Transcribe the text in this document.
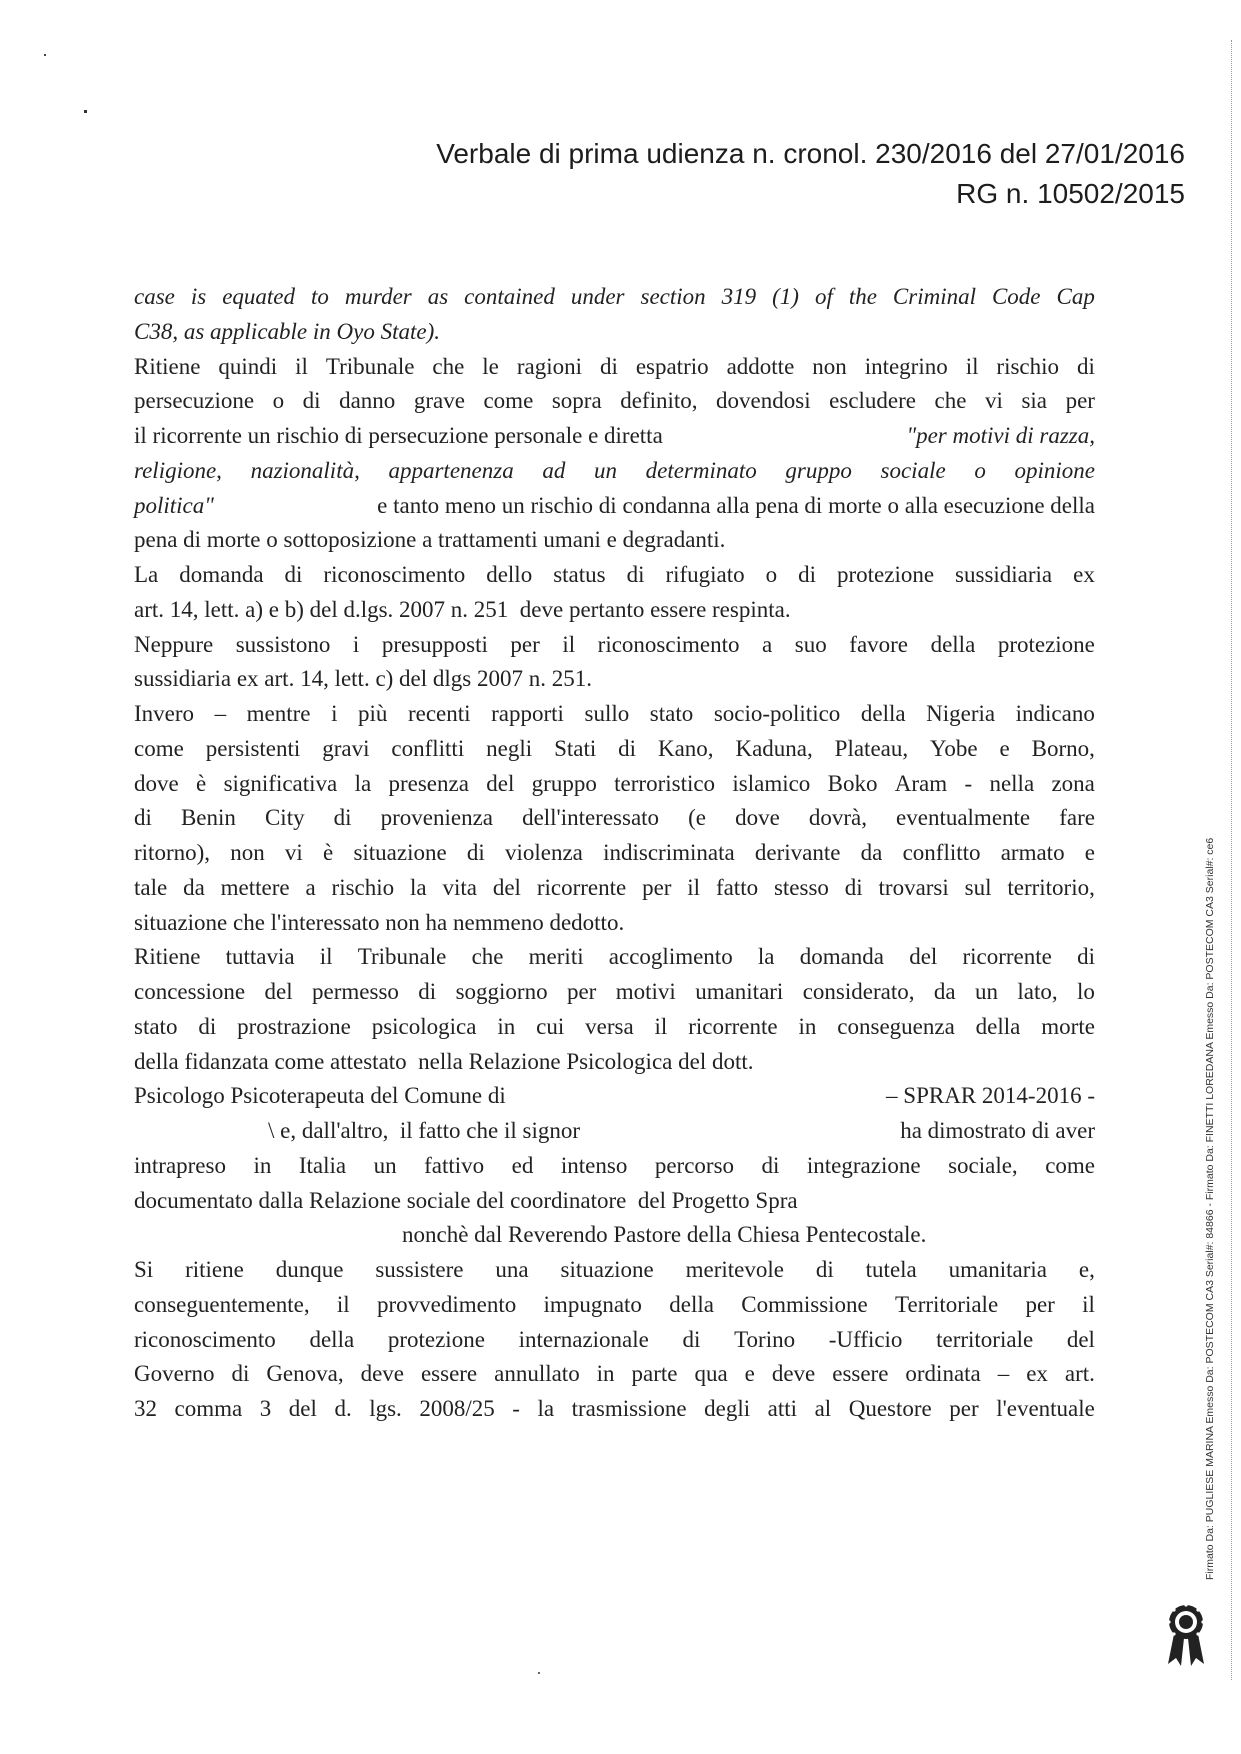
Verbale di prima udienza n. cronol. 230/2016 del 27/01/2016
RG n. 10502/2015
case is equated to murder as contained under section 319 (1) of the Criminal Code Cap
C38, as applicable in Oyo State).
Ritiene quindi il Tribunale che le ragioni di espatrio addotte non integrino il rischio di
persecuzione o di danno grave come sopra definito, dovendosi escludere che vi sia per
il ricorrente un rischio di persecuzione personale e diretta	"per motivi di razza,
religione, nazionalità, appartenenza ad un determinato gruppo sociale o opinione
politica"	e tanto meno un rischio di condanna alla pena di morte o alla esecuzione della
pena di morte o sottoposizione a trattamenti umani e degradanti.
La domanda di riconoscimento dello status di rifugiato o di protezione sussidiaria ex
art. 14, lett. a) e b) del d.lgs. 2007 n. 251  deve pertanto essere respinta.
Neppure sussistono i presupposti per il riconoscimento a suo favore della protezione
sussidiaria ex art. 14, lett. c) del dlgs 2007 n. 251.
Invero – mentre i più recenti rapporti sullo stato socio-politico della Nigeria indicano
come persistenti gravi conflitti negli Stati di Kano, Kaduna, Plateau, Yobe e Borno,
dove è significativa la presenza del gruppo terroristico islamico Boko Aram - nella zona
di Benin City di provenienza dell'interessato (e dove dovrà, eventualmente fare
ritorno), non vi è situazione di violenza indiscriminata derivante da conflitto armato e
tale da mettere a rischio la vita del ricorrente per il fatto stesso di trovarsi sul territorio,
situazione che l'interessato non ha nemmeno dedotto.
Ritiene tuttavia il Tribunale che meriti accoglimento la domanda del ricorrente di
concessione del permesso di soggiorno per motivi umanitari considerato, da un lato, lo
stato di prostrazione psicologica in cui versa il ricorrente in conseguenza della morte
della fidanzata come attestato  nella Relazione Psicologica del dott.
Psicologo Psicoterapeuta del Comune di	– SPRAR 2014-2016 -
\ e, dall'altro,  il fatto che il signor	ha dimostrato di aver
intrapreso in Italia un fattivo ed intenso percorso di integrazione sociale, come
documentato dalla Relazione sociale del coordinatore  del Progetto Spra
nonchè dal Reverendo Pastore della Chiesa Pentecostale.
Si ritiene dunque sussistere una situazione meritevole di tutela umanitaria e,
conseguentemente, il provvedimento impugnato della Commissione Territoriale per il
riconoscimento della protezione internazionale di Torino -Ufficio territoriale del
Governo di Genova, deve essere annullato in parte qua e deve essere ordinata – ex art.
32 comma 3 del d. lgs. 2008/25 - la trasmissione degli atti al Questore per l'eventuale	Firmato Da: PUGLIESE MARINA Emesso Da: POSTECOM CA3 Serial#: 84866 - Firmato Da: FINETTI LOREDANA Emesso Da: POSTECOM CA3 Serial#: ce6
